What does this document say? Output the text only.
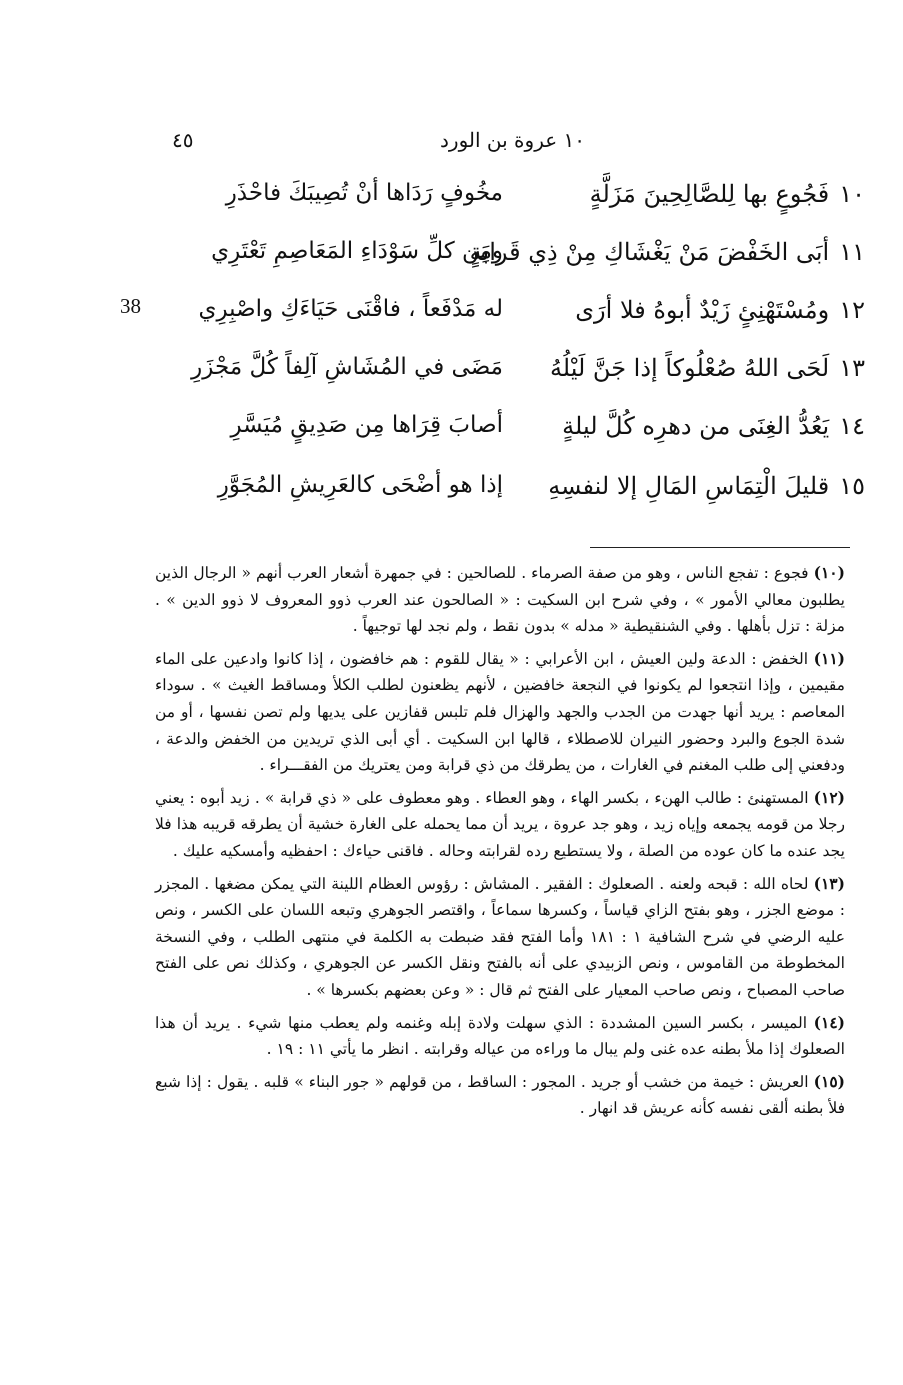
٤٥	١٠ عروة بن الورد
38
١٠فَجُوعٍ بها لِلصَّالِحِينَ مَزَلَّةٍ
مخُوفٍ رَدَاها أنْ تُصِيبَكَ فاحْذَرِ
١١أبَى الخَفْضَ مَنْ يَغْشَاكِ مِنْ ذِي قَرابَةٍ
ومِن كلِّ سَوْدَاءِ المَعَاصِمِ تَعْتَرِي
١٢ومُسْتَهْنِئٍ زَيْدٌ أبوهُ فلا أرَى
له مَدْفَعاً ، فاقْنَى حَيَاءَكِ واصْبِرِي
١٣لَحَى اللهُ صُعْلُوكاً إذا جَنَّ لَيْلُهُ
مَضَى في المُشَاشِ آلِفاً كُلَّ مَجْزَرِ
١٤يَعُدُّ الغِنَى من دهرِه كُلَّ ليلةٍ
أصابَ قِرَاها مِن صَدِيقٍ مُيَسَّرِ
١٥قليلَ الْتِمَاسِ المَالِ إلا لنفسِهِ
إذا هو أضْحَى كالعَرِيشِ المُجَوَّرِ

(١٠) فجوع : تفجع الناس ، وهو من صفة الصرماء . للصالحين : في جمهرة أشعار العرب أنهم « الرجال الذين يطلبون معالي الأمور » ، وفي شرح ابن السكيت : « الصالحون عند العرب ذوو المعروف لا ذوو الدين » . مزلة : تزل بأهلها . وفي الشنقيطية « مدله » بدون نقط ، ولم نجد لها توجيهاً .

(١١) الخفض : الدعة ولين العيش ، ابن الأعرابي : « يقال للقوم : هم خافضون ، إذا كانوا وادعين على الماء مقيمين ، وإذا انتجعوا لم يكونوا في النجعة خافضين ، لأنهم يظعنون لطلب الكلأ ومساقط الغيث » . سوداء المعاصم : يريد أنها جهدت من الجدب والجهد والهزال فلم تلبس قفازين على يديها ولم تصن نفسها ، أو من شدة الجوع والبرد وحضور النيران للاصطلاء ، قالها ابن السكيت . أي أبى الذي تريدين من الخفض والدعة ، ودفعني إلى طلب المغنم في الغارات ، من يطرقك من ذي قرابة ومن يعتريك من الفقـــراء .

(١٢) المستهنئ : طالب الهنء ، بكسر الهاء ، وهو العطاء . وهو معطوف على « ذي قرابة » . زيد أبوه : يعني رجلا من قومه يجمعه وإياه زيد ، وهو جد عروة ، يريد أن مما يحمله على الغارة خشية أن يطرقه قريبه هذا فلا يجد عنده ما كان عوده من الصلة ، ولا يستطيع رده لقرابته وحاله . فاقنى حياءك : احفظيه وأمسكيه عليك .

(١٣) لحاه الله : قبحه ولعنه . الصعلوك : الفقير . المشاش : رؤوس العظام اللينة التي يمكن مضغها . المجزر : موضع الجزر ، وهو بفتح الزاي قياساً ، وكسرها سماعاً ، واقتصر الجوهري وتبعه اللسان على الكسر ، ونص عليه الرضي في شرح الشافية ١ : ١٨١ وأما الفتح فقد ضبطت به الكلمة في منتهى الطلب ، وفي النسخة المخطوطة من القاموس ، ونص الزبيدي على أنه بالفتح ونقل الكسر عن الجوهري ، وكذلك نص على الفتح صاحب المصباح ، ونص صاحب المعيار على الفتح ثم قال : « وعن بعضهم بكسرها » .

(١٤) الميسر ، بكسر السين المشددة : الذي سهلت ولادة إبله وغنمه ولم يعطب منها شيء . يريد أن هذا الصعلوك إذا ملأ بطنه عده غنى ولم يبال ما وراءه من عياله وقرابته . انظر ما يأتي ١١ : ١٩ .

(١٥) العريش : خيمة من خشب أو جريد . المجور : الساقط ، من قولهم « جور البناء » قلبه . يقول : إذا شبع فلأ بطنه ألقى نفسه كأنه عريش قد انهار .
